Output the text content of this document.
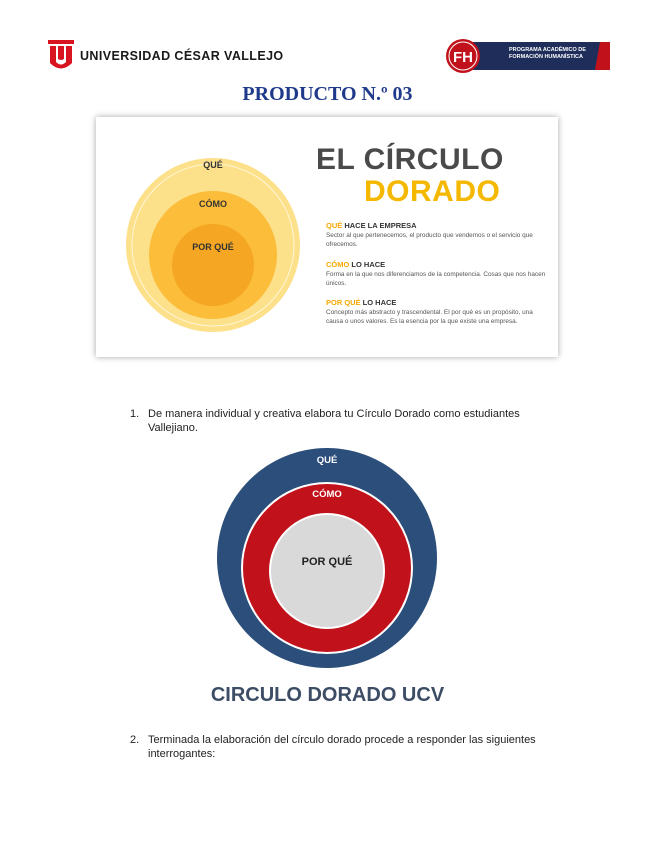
UNIVERSIDAD CÉSAR VALLEJO	FH	PROGRAMA ACADÉMICO DE FORMACIÓN HUMANÍSTICA
PRODUCTO N.º 03
QUÉ
CÓMO
POR QUÉ
EL CÍRCULO
DORADO
QUÉ HACE LA EMPRESA
Sector al que pertenecemos, el producto que vendemos o el servicio que ofrecemos.
CÓMO LO HACE
Forma en la que nos diferenciamos de la competencia. Cosas que nos hacen únicos.
POR QUÉ LO HACE
Concepto más abstracto y trascendental. El por qué es un propósito, una causa o unos valores. Es la esencia por la que existe una empresa.
1. De manera individual y creativa elabora tu Círculo Dorado como estudiantes Vallejiano.
QUÉ
CÓMO
POR QUÉ
CIRCULO DORADO UCV
2. Terminada la elaboración del círculo dorado procede a responder las siguientes interrogantes:
